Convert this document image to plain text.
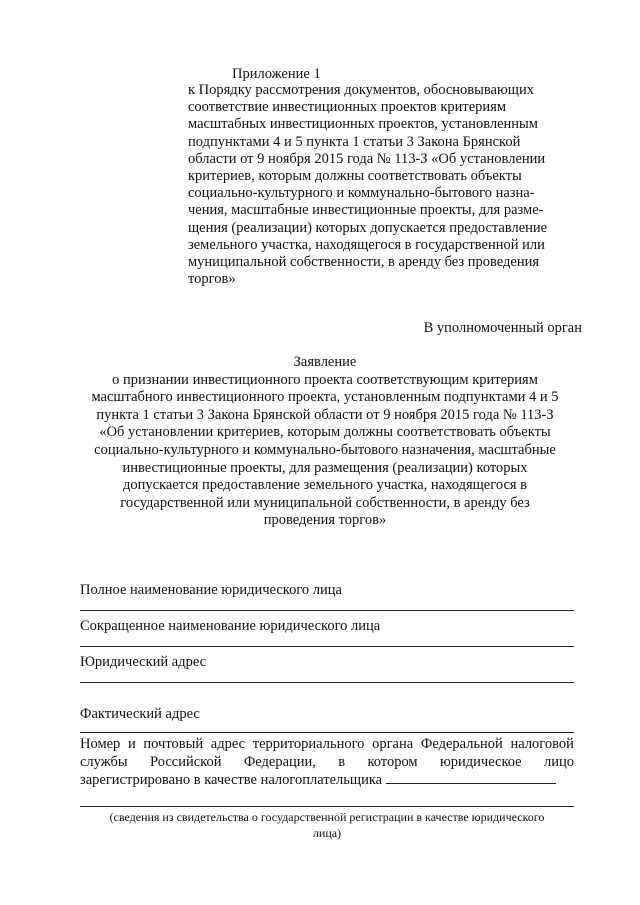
Приложение 1
к Порядку рассмотрения документов, обосновывающих
соответствие инвестиционных проектов критериям
масштабных инвестиционных проектов, установленным
подпунктами 4 и 5 пункта 1 статьи 3 Закона Брянской
области от 9 ноября 2015 года № 113-З «Об установлении
критериев, которым должны соответствовать объекты
социально-культурного и коммунально-бытового назна-
чения, масштабные инвестиционные проекты, для разме-
щения (реализации) которых допускается предоставление
земельного участка, находящегося в государственной или
муниципальной собственности, в аренду без проведения
торгов»
В уполномоченный орган
Заявление
о признании инвестиционного проекта соответствующим критериям
масштабного инвестиционного проекта, установленным подпунктами 4 и 5
пункта 1 статьи 3 Закона Брянской области от 9 ноября 2015 года № 113-З
«Об установлении критериев, которым должны соответствовать объекты
социально-культурного и коммунально-бытового назначения, масштабные
инвестиционные проекты, для размещения (реализации) которых
допускается предоставление земельного участка, находящегося в
государственной или муниципальной собственности, в аренду без
проведения торгов»
Полное наименование юридического лица
Сокращенное наименование юридического лица
Юридический адрес
Фактический адрес
Номер и почтовый адрес территориального органа Федеральной налоговой
службы Российской Федерации, в котором юридическое лицо
зарегистрировано в качестве налогоплательщика
(сведения из свидетельства о государственной регистрации в качестве юридического
лица)
